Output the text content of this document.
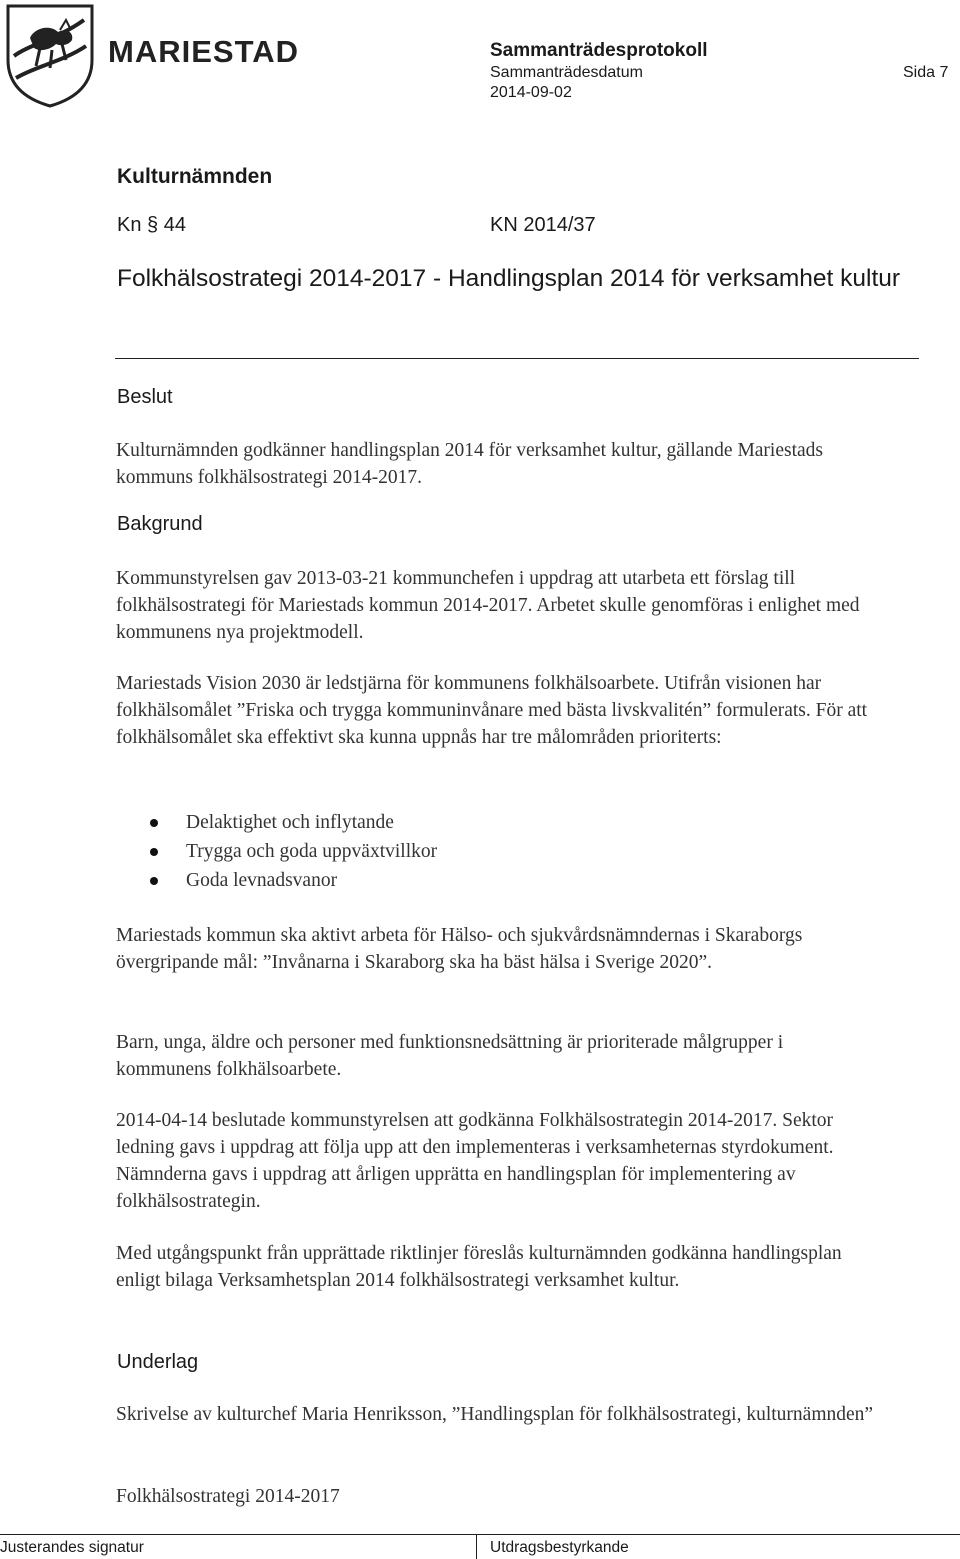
MARIESTAD	Sammanträdesprotokoll
Sammanträdesdatum
2014-09-02
Sida 7
Kulturnämnden
Kn § 44	KN 2014/37
Folkhälsostrategi 2014-2017 - Handlingsplan 2014 för verksamhet kultur
Beslut
Kulturnämnden godkänner handlingsplan 2014 för verksamhet kultur, gällande Mariestads kommuns folkhälsostrategi 2014-2017.
Bakgrund
Kommunstyrelsen gav 2013-03-21 kommunchefen i uppdrag att utarbeta ett förslag till folkhälsostrategi för Mariestads kommun 2014-2017. Arbetet skulle genomföras i enlighet med kommunens nya projektmodell.
Mariestads Vision 2030 är ledstjärna för kommunens folkhälsoarbete. Utifrån visionen har folkhälsomålet ”Friska och trygga kommuninvånare med bästa livskvalitén” formulerats. För att folkhälsomålet ska effektivt ska kunna uppnås har tre målområden prioriterts:
Delaktighet och inflytande
Trygga och goda uppväxtvillkor
Goda levnadsvanor
Mariestads kommun ska aktivt arbeta för Hälso- och sjukvårdsnämndernas i Skaraborgs övergripande mål: ”Invånarna i Skaraborg ska ha bäst hälsa i Sverige 2020”.
Barn, unga, äldre och personer med funktionsnedsättning är prioriterade målgrupper i kommunens folkhälsoarbete.
2014-04-14 beslutade kommunstyrelsen att godkänna Folkhälsostrategin 2014-2017. Sektor ledning gavs i uppdrag att följa upp att den implementeras i verksamheternas styrdokument. Nämnderna gavs i uppdrag att årligen upprätta en handlingsplan för implementering av folkhälsostrategin.
Med utgångspunkt från upprättade riktlinjer föreslås kulturnämnden godkänna handlingsplan enligt bilaga Verksamhetsplan 2014 folkhälsostrategi verksamhet kultur.
Underlag
Skrivelse av kulturchef Maria Henriksson, ”Handlingsplan för folkhälsostrategi, kulturnämnden”
Folkhälsostrategi 2014-2017
Justerandes signatur	Utdragsbestyrkande
